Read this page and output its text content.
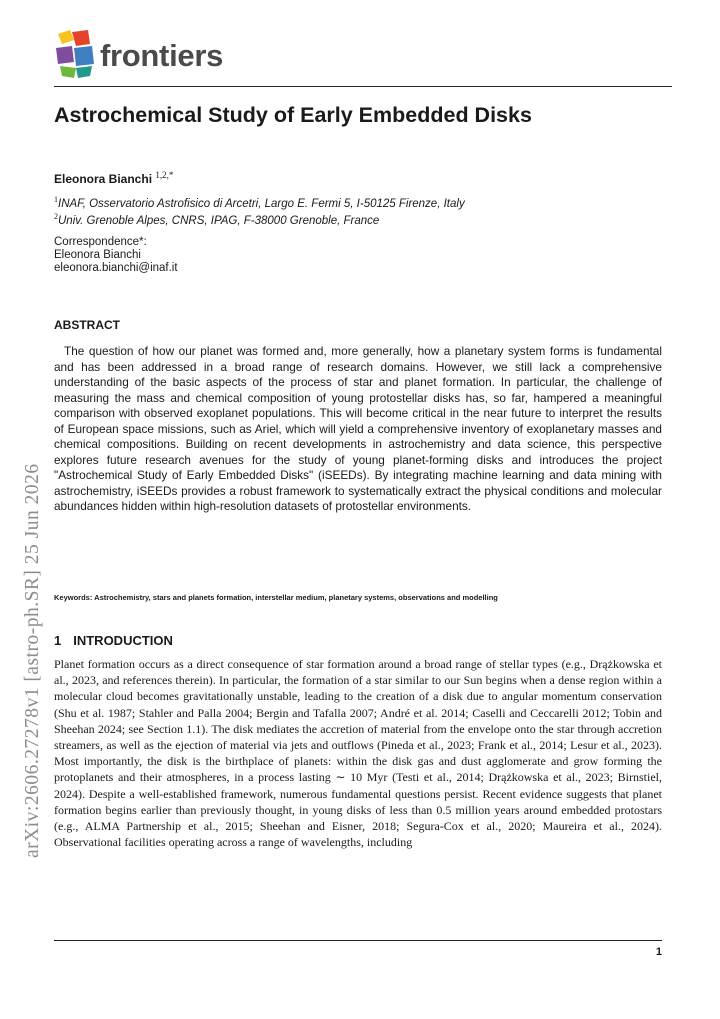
frontiers
Astrochemical Study of Early Embedded Disks
Eleonora Bianchi $^{1,2,*}$
$^1$INAF, Osservatorio Astrofisico di Arcetri, Largo E. Fermi 5, I-50125 Firenze, Italy
$^2$Univ. Grenoble Alpes, CNRS, IPAG, F-38000 Grenoble, France
Correspondence*:
Eleonora Bianchi
eleonora.bianchi@inaf.it
arXiv:2606.27278v1 [astro-ph.SR] 25 Jun 2026
ABSTRACT

The question of how our planet was formed and, more generally, how a planetary system forms is fundamental and has been addressed in a broad range of research domains. However, we still lack a comprehensive understanding of the basic aspects of the process of star and planet formation. In particular, the challenge of measuring the mass and chemical composition of young protostellar disks has, so far, hampered a meaningful comparison with observed exoplanet populations. This will become critical in the near future to interpret the results of European space missions, such as Ariel, which will yield a comprehensive inventory of exoplanetary masses and chemical compositions. Building on recent developments in astrochemistry and data science, this perspective explores future research avenues for the study of young planet-forming disks and introduces the project "Astrochemical Study of Early Embedded Disks" (iSEEDs). By integrating machine learning and data mining with astrochemistry, iSEEDs provides a robust framework to systematically extract the physical conditions and molecular abundances hidden within high-resolution datasets of protostellar environments.

Keywords: Astrochemistry, stars and planets formation, interstellar medium, planetary systems, observations and modelling
1 INTRODUCTION

Planet formation occurs as a direct consequence of star formation around a broad range of stellar types (e.g., Drążkowska et al., 2023, and references therein). In particular, the formation of a star similar to our Sun begins when a dense region within a molecular cloud becomes gravitationally unstable, leading to the creation of a disk due to angular momentum conservation (Shu et al. 1987; Stahler and Palla 2004; Bergin and Tafalla 2007; André et al. 2014; Caselli and Ceccarelli 2012; Tobin and Sheehan 2024; see Section 1.1). The disk mediates the accretion of material from the envelope onto the star through accretion streamers, as well as the ejection of material via jets and outflows (Pineda et al., 2023; Frank et al., 2014; Lesur et al., 2023). Most importantly, the disk is the birthplace of planets: within the disk gas and dust agglomerate and grow forming the protoplanets and their atmospheres, in a process lasting ∼ 10 Myr (Testi et al., 2014; Drążkowska et al., 2023; Birnstiel, 2024). Despite a well-established framework, numerous fundamental questions persist. Recent evidence suggests that planet formation begins earlier than previously thought, in young disks of less than 0.5 million years around embedded protostars (e.g., ALMA Partnership et al., 2015; Sheehan and Eisner, 2018; Segura-Cox et al., 2020; Maureira et al., 2024). Observational facilities operating across a range of wavelengths, including

1
